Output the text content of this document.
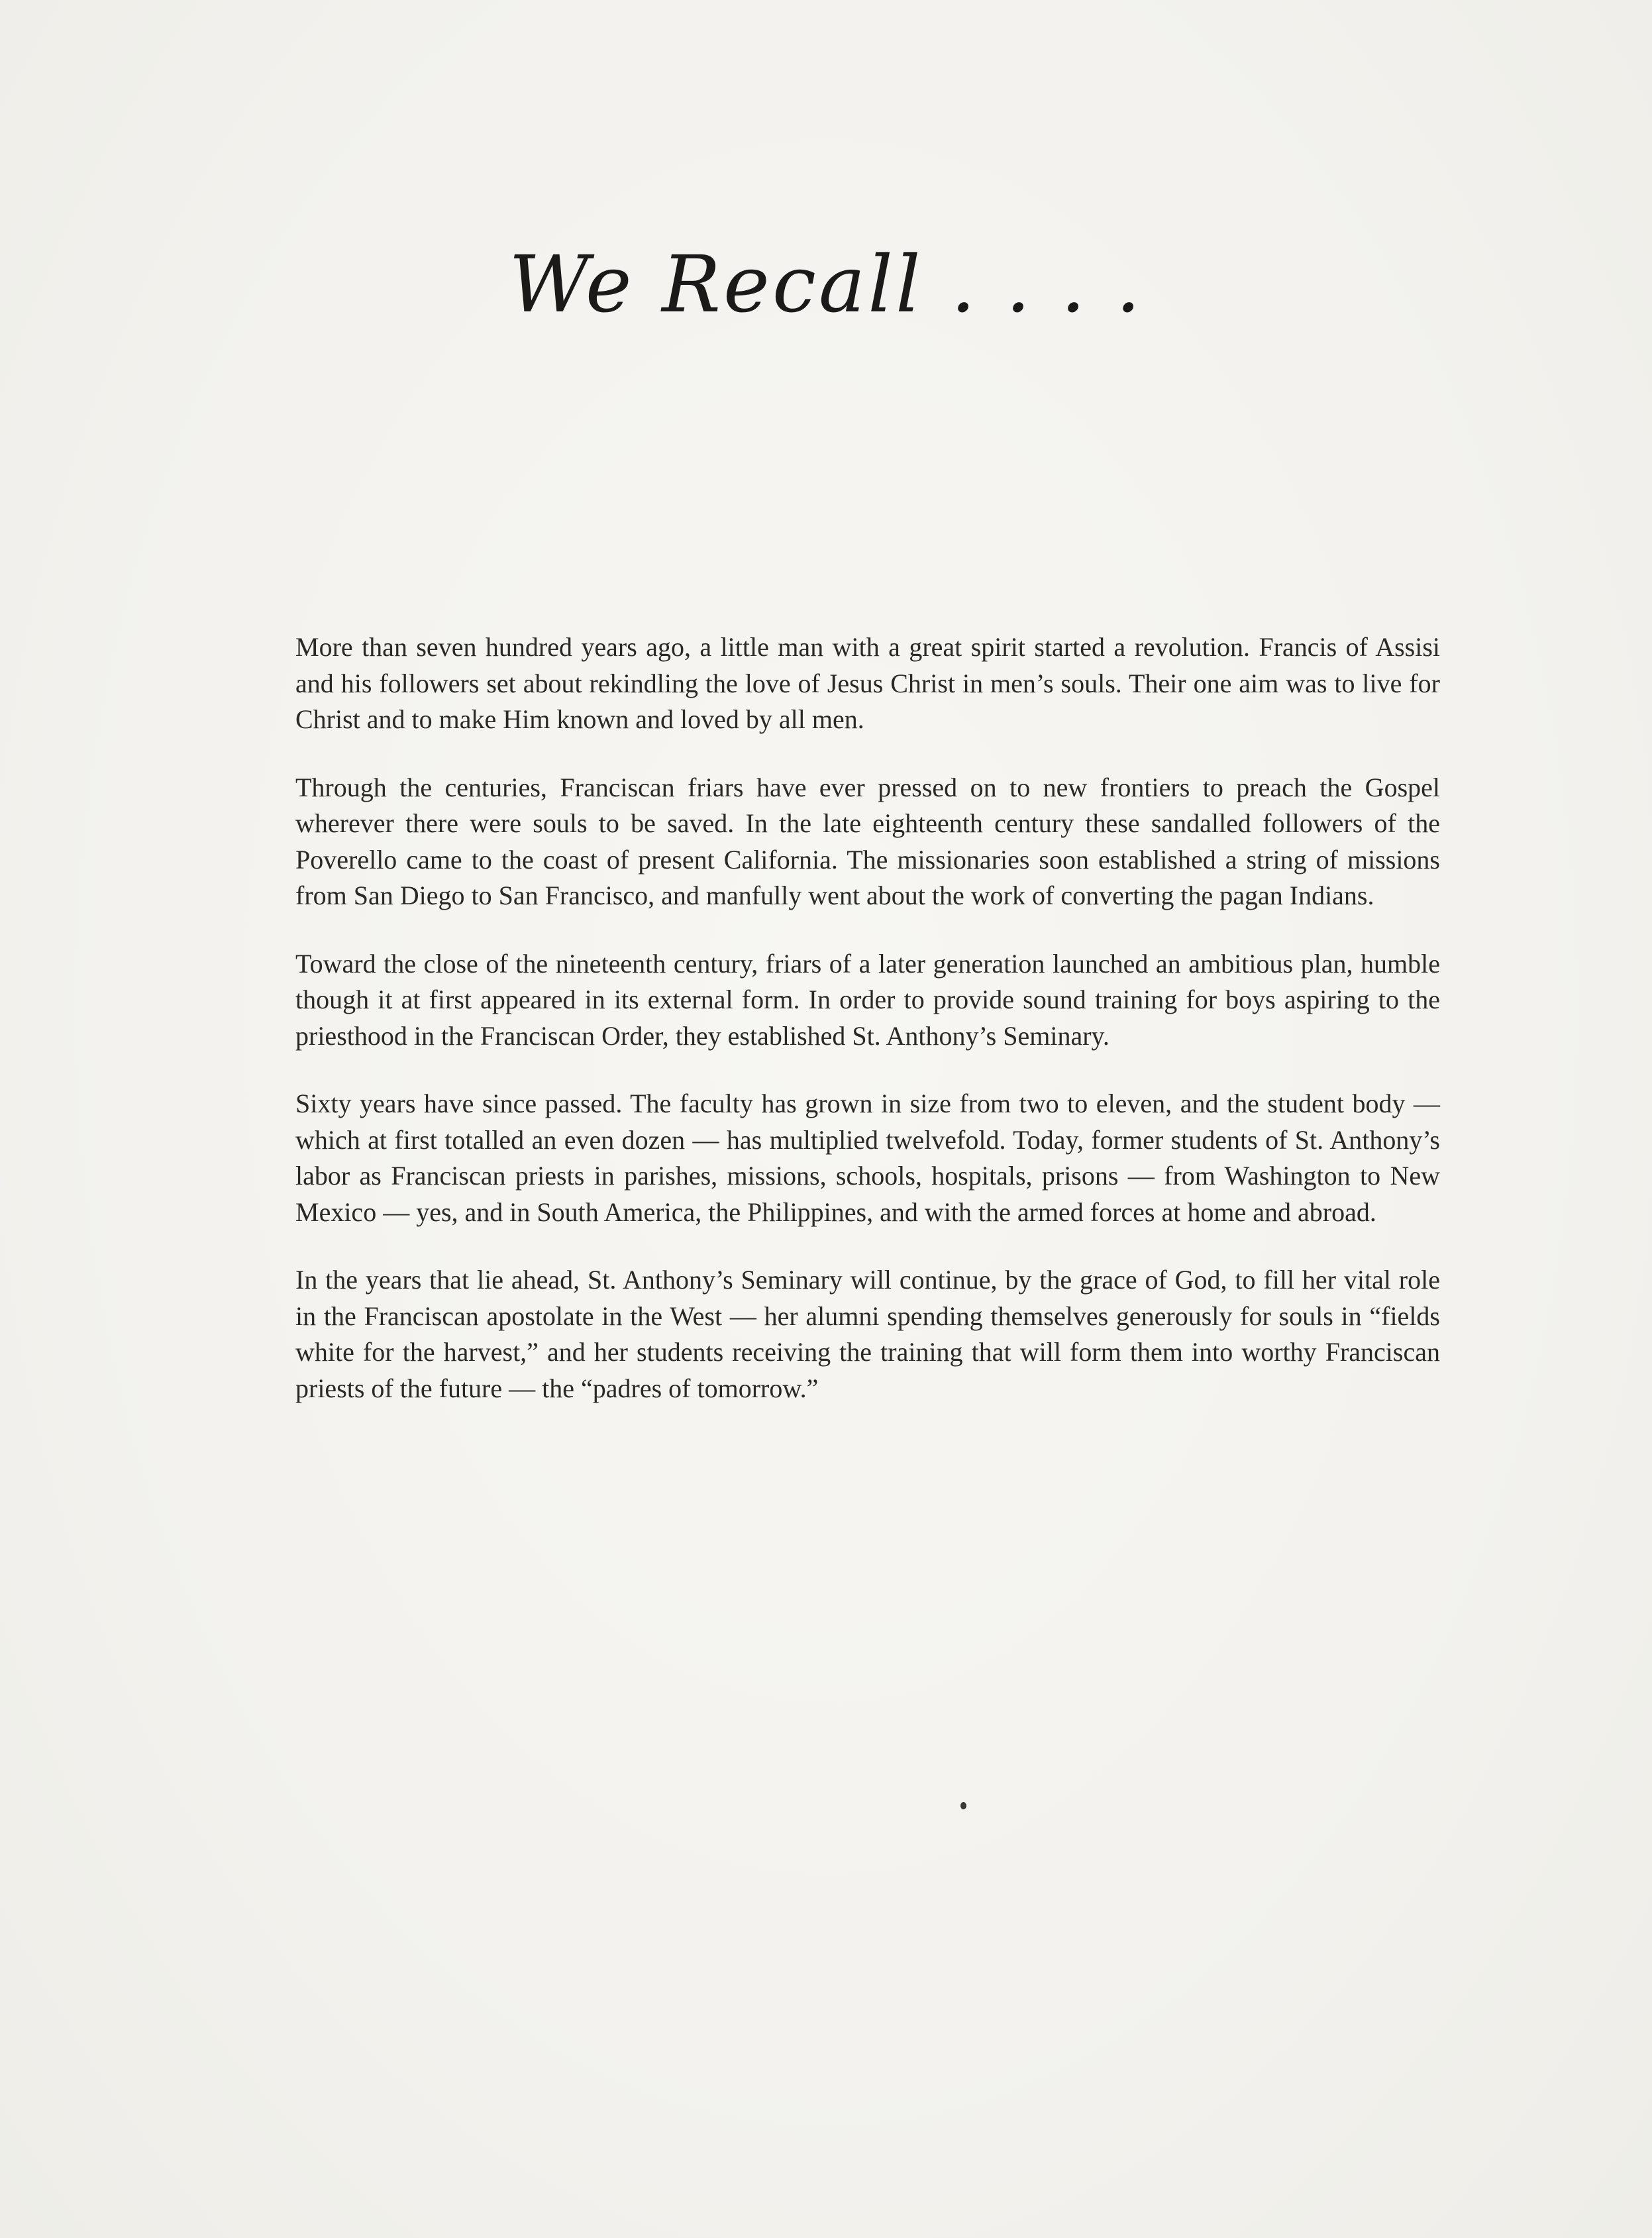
We Recall . . . .

More than seven hundred years ago, a little man with a great spirit started a revolution. Francis of Assisi and his followers set about rekindling the love of Jesus Christ in men’s souls. Their one aim was to live for Christ and to make Him known and loved by all men.

Through the centuries, Franciscan friars have ever pressed on to new frontiers to preach the Gospel wherever there were souls to be saved. In the late eighteenth century these sandalled followers of the Poverello came to the coast of present California. The missionaries soon established a string of missions from San Diego to San Francisco, and manfully went about the work of converting the pagan Indians.

Toward the close of the nineteenth century, friars of a later generation launched an ambitious plan, humble though it at first appeared in its external form. In order to provide sound training for boys aspiring to the priesthood in the Franciscan Order, they established St. Anthony’s Seminary.

Sixty years have since passed. The faculty has grown in size from two to eleven, and the student body — which at first totalled an even dozen — has multiplied twelvefold. Today, former students of St. Anthony’s labor as Franciscan priests in parishes, missions, schools, hospitals, prisons — from Washington to New Mexico — yes, and in South America, the Philippines, and with the armed forces at home and abroad.

In the years that lie ahead, St. Anthony’s Seminary will continue, by the grace of God, to fill her vital role in the Franciscan apostolate in the West — her alumni spending themselves generously for souls in “fields white for the harvest,” and her students receiving the training that will form them into worthy Franciscan priests of the future — the “padres of tomorrow.”
